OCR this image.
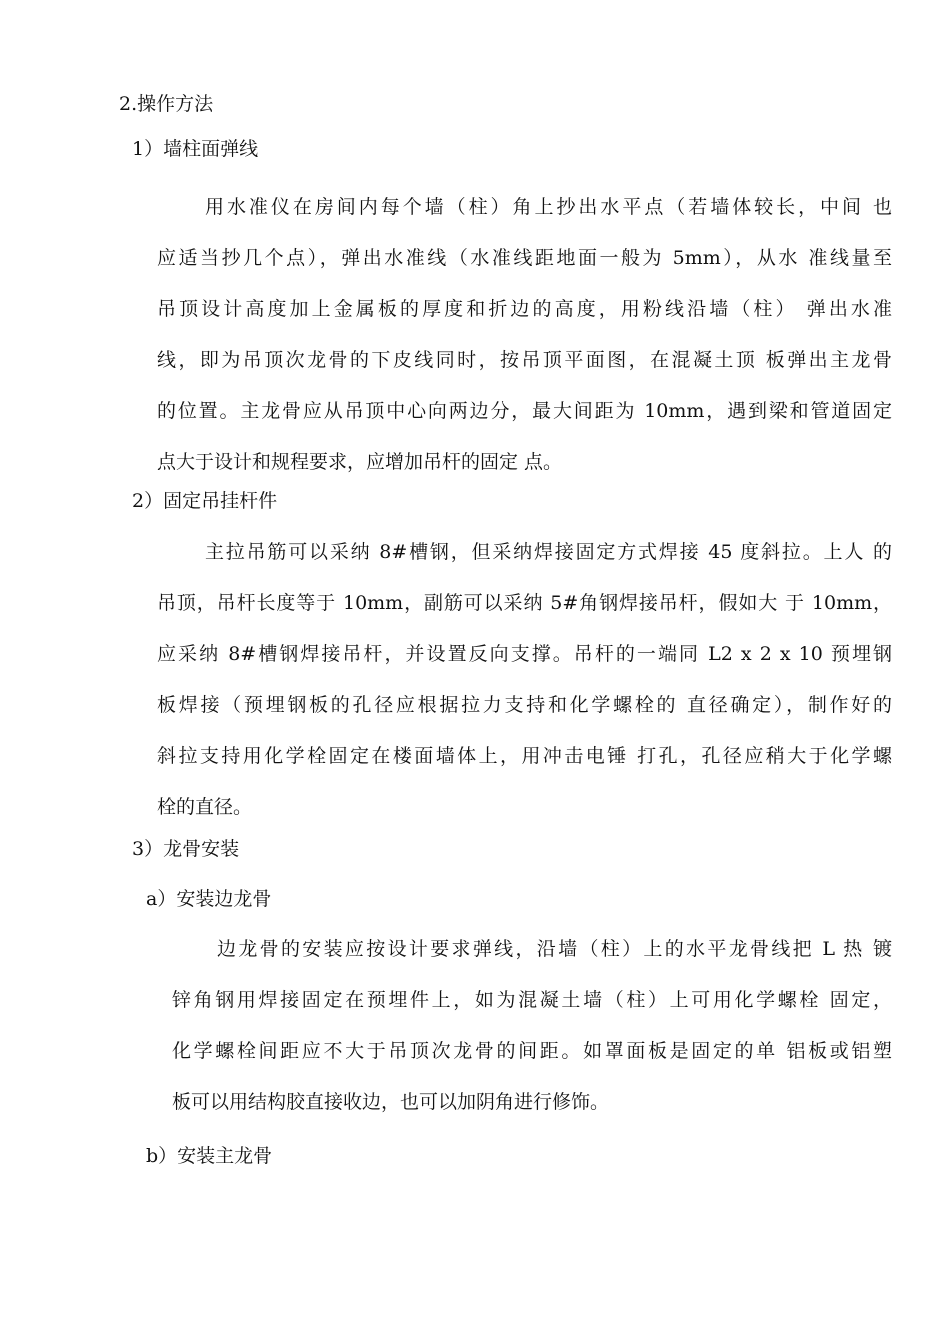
2.操作方法
1）墙柱面弹线
用水准仪在房间内每个墙（柱）角上抄出水平点（若墙体较长，中间 也
应适当抄几个点），弹出水准线（水准线距地面一般为 5mm），从水 准线量至
吊顶设计高度加上金属板的厚度和折边的高度，用粉线沿墙（柱） 弹出水准
线，即为吊顶次龙骨的下皮线同时，按吊顶平面图，在混凝土顶 板弹出主龙骨
的位置。主龙骨应从吊顶中心向两边分，最大间距为 10mm，遇到梁和管道固定
点大于设计和规程要求，应增加吊杆的固定 点。
2）固定吊挂杆件
主拉吊筋可以采纳 8#槽钢，但采纳焊接固定方式焊接 45 度斜拉。上人 的
吊顶，吊杆长度等于 10mm，副筋可以采纳 5#角钢焊接吊杆，假如大 于 10mm，
应采纳 8#槽钢焊接吊杆，并设置反向支撑。吊杆的一端同 L2 x 2 x 10 预埋钢
板焊接（预埋钢板的孔径应根据拉力支持和化学螺栓的 直径确定），制作好的
斜拉支持用化学栓固定在楼面墙体上，用冲击电锤 打孔，孔径应稍大于化学螺
栓的直径。
3）龙骨安装
a）安装边龙骨
边龙骨的安装应按设计要求弹线，沿墙（柱）上的水平龙骨线把 L 热 镀
锌角钢用焊接固定在预埋件上，如为混凝土墙（柱）上可用化学螺栓 固定，
化学螺栓间距应不大于吊顶次龙骨的间距。如罩面板是固定的单 铝板或铝塑
板可以用结构胶直接收边，也可以加阴角进行修饰。
b）安装主龙骨
